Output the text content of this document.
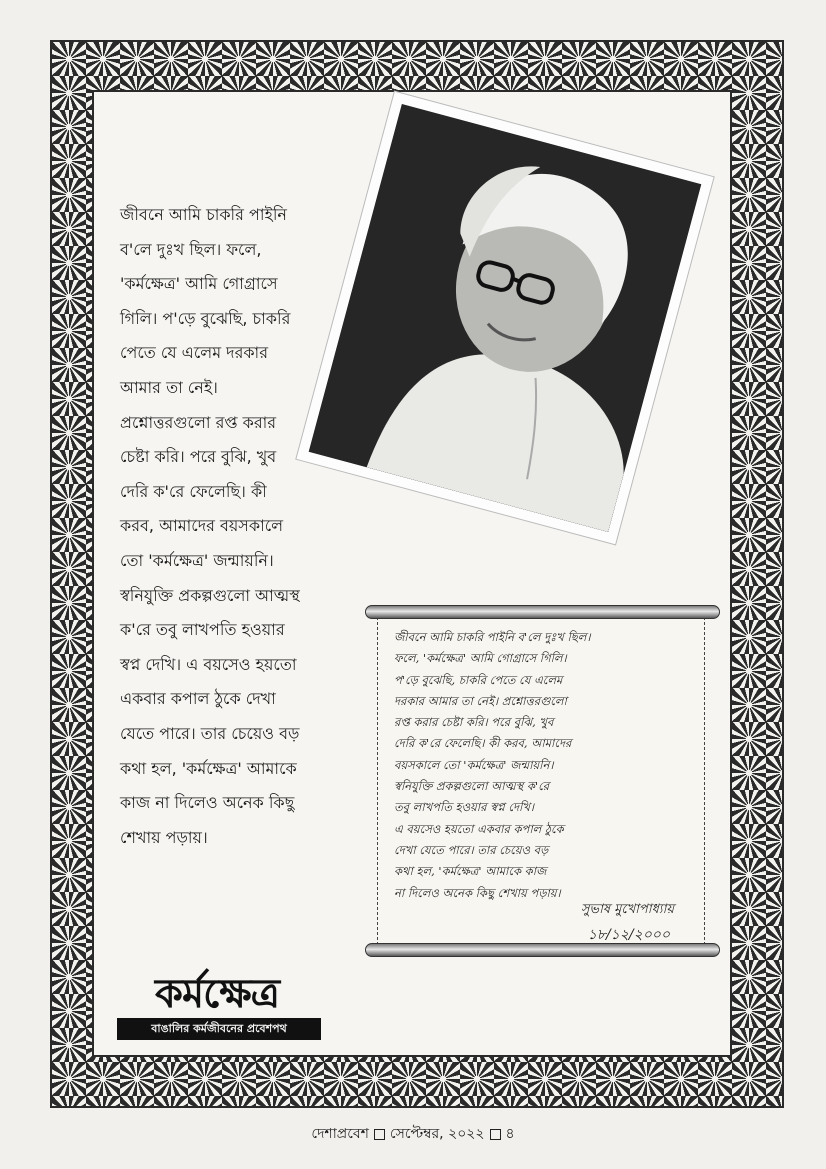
জীবনে আমি চাকরি পাইনি
ব'লে দুঃখ ছিল। ফলে,
'কর্মক্ষেত্র' আমি গোগ্রাসে
গিলি। প'ড়ে বুঝেছি, চাকরি
পেতে যে এলেম দরকার
আমার তা নেই।
প্রশ্নোত্তরগুলো রপ্ত করার
চেষ্টা করি। পরে বুঝি, খুব
দেরি ক'রে ফেলেছি। কী
করব, আমাদের বয়সকালে
তো 'কর্মক্ষেত্র' জন্মায়নি।
স্বনিযুক্তি প্রকল্পগুলো আত্মস্থ
ক'রে তবু লাখপতি হওয়ার
স্বপ্ন দেখি। এ বয়সেও হয়তো
একবার কপাল ঠুকে দেখা
যেতে পারে। তার চেয়েও বড়
কথা হল, 'কর্মক্ষেত্র' আমাকে
কাজ না দিলেও অনেক কিছু
শেখায় পড়ায়।
জীবনে আমি চাকরি পাইনি ব'লে দুঃখ ছিল।
ফলে, 'কর্মক্ষেত্র' আমি গোগ্রাসে গিলি।
প'ড়ে বুঝেছি, চাকরি পেতে যে এলেম
দরকার আমার তা নেই। প্রশ্নোত্তরগুলো
রপ্ত করার চেষ্টা করি। পরে বুঝি, খুব
দেরি ক'রে ফেলেছি। কী করব, আমাদের
বয়সকালে তো 'কর্মক্ষেত্র' জন্মায়নি।
স্বনিযুক্তি প্রকল্পগুলো আত্মস্থ ক'রে
তবু লাখপতি হওয়ার স্বপ্ন দেখি।
এ বয়সেও হয়তো একবার কপাল ঠুকে
দেখা যেতে পারে। তার চেয়েও বড়
কথা হল, 'কর্মক্ষেত্র' আমাকে কাজ
না দিলেও অনেক কিছু শেখায় পড়ায়।
সুভাষ মুখোপাধ্যায়
১৮/১২/২০০০
কর্মক্ষেত্র
বাঙালির কর্মজীবনের প্রবেশপথ
দেশাপ্রবেশ সেপ্টেম্বর, ২০২২ ৪
